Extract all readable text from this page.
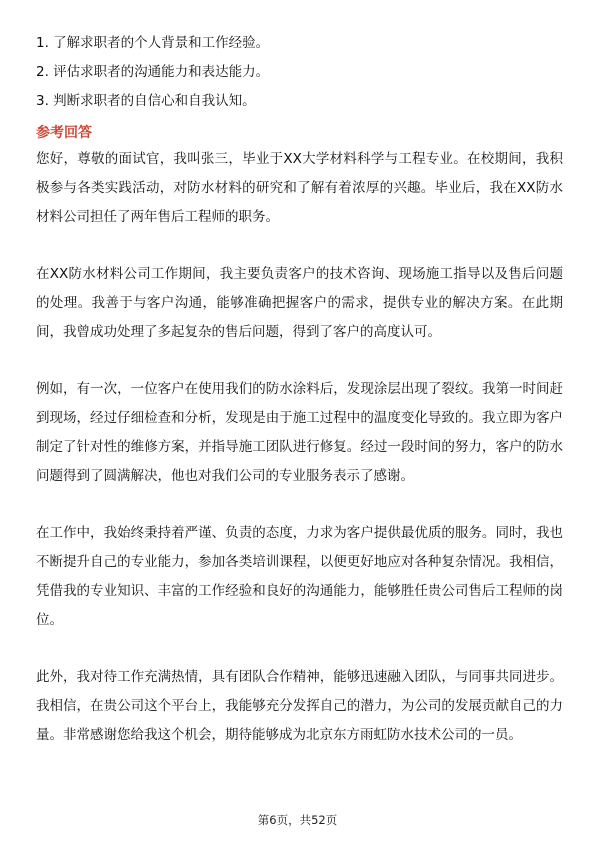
1. 了解求职者的个人背景和工作经验。
2. 评估求职者的沟通能力和表达能力。
3. 判断求职者的自信心和自我认知。
参考回答

您好，尊敬的面试官，我叫张三，毕业于XX大学材料科学与工程专业。在校期间，我积极参与各类实践活动，对防水材料的研究和了解有着浓厚的兴趣。毕业后，我在XX防水材料公司担任了两年售后工程师的职务。

在XX防水材料公司工作期间，我主要负责客户的技术咨询、现场施工指导以及售后问题的处理。我善于与客户沟通，能够准确把握客户的需求，提供专业的解决方案。在此期间，我曾成功处理了多起复杂的售后问题，得到了客户的高度认可。

例如，有一次，一位客户在使用我们的防水涂料后，发现涂层出现了裂纹。我第一时间赶到现场，经过仔细检查和分析，发现是由于施工过程中的温度变化导致的。我立即为客户制定了针对性的维修方案，并指导施工团队进行修复。经过一段时间的努力，客户的防水问题得到了圆满解决，他也对我们公司的专业服务表示了感谢。

在工作中，我始终秉持着严谨、负责的态度，力求为客户提供最优质的服务。同时，我也不断提升自己的专业能力，参加各类培训课程，以便更好地应对各种复杂情况。我相信，凭借我的专业知识、丰富的工作经验和良好的沟通能力，能够胜任贵公司售后工程师的岗位。

此外，我对待工作充满热情，具有团队合作精神，能够迅速融入团队，与同事共同进步。我相信，在贵公司这个平台上，我能够充分发挥自己的潜力，为公司的发展贡献自己的力量。非常感谢您给我这个机会，期待能够成为北京东方雨虹防水技术公司的一员。

第6页，共52页
